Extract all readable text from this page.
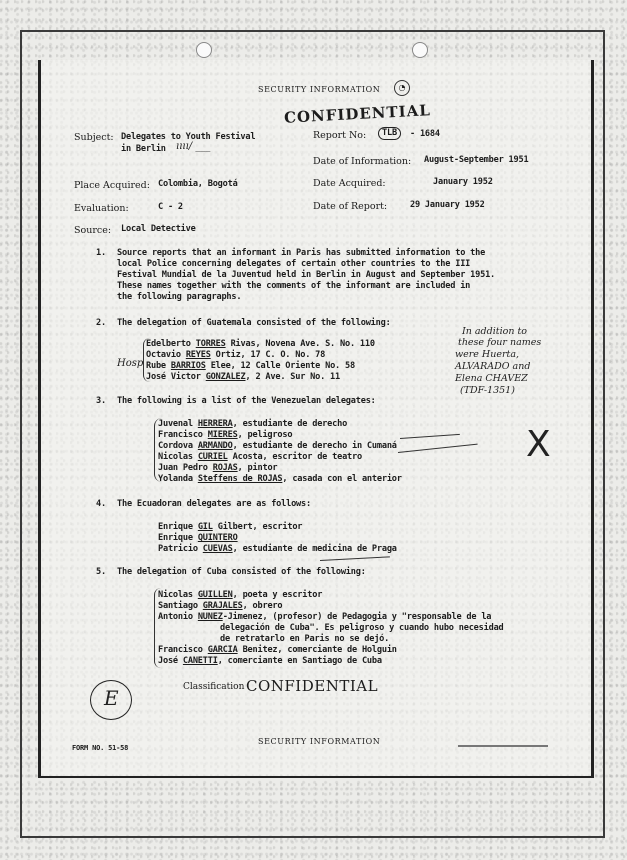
SECURITY INFORMATION	◔
CONFIDENTIAL
Subject: Delegates to Youth Festival
in Berlin ıııı/ ___
Report No:	TLB	- 1684
Date of Information: August-September 1951
Place Acquired: Colombia, Bogotá	Date Acquired:	January 1952
Evaluation:	C - 2	Date of Report:	29 January 1952
Source: Local Detective
1. Source reports that an informant in Paris has submitted information to the
local Police concerning delegates of certain other countries to the III
Festival Mundial de la Juventud held in Berlin in August and September 1951.
These names together with the comments of the informant are included in
the following paragraphs.
2. The delegation of Guatemala consisted of the following:
Hosp
Edelberto TORRES Rivas, Novena Ave. S. No. 110
Octavio REYES Ortiz, 17 C. O. No. 78
Rube BARRIOS Elee, 12 Calle Oriente No. 58
José Victor GONZALEZ, 2 Ave. Sur No. 11
In addition to
these four names
were Huerta,
ALVARADO and
Elena CHAVEZ
(TDF-1351)
3. The following is a list of the Venezuelan delegates:
Juvenal HERRERA, estudiante de derecho
Francisco MIERES, peligroso
Cordova ARMANDO, estudiante de derecho in Cumaná
Nicolas CURIEL Acosta, escritor de teatro
Juan Pedro ROJAS, pintor
Yolanda Steffens de ROJAS, casada con el anterior
X
4. The Ecuadoran delegates are as follows:
Enrique GIL Gilbert, escritor
Enrique QUINTERO
Patricio CUEVAS, estudiante de medicina de Praga
5. The delegation of Cuba consisted of the following:
Nicolas GUILLEN, poeta y escritor
Santiago GRAJALES, obrero
Antonio NUNEZ-Jimenez, (profesor) de Pedagogia y "responsable de la
delegación de Cuba". Es peligroso y cuando hubo necesidad
de retratarlo en Paris no se dejó.
Francisco GARCIA Benitez, comerciante de Holguin
José CANETTI, comerciante en Santiago de Cuba
E	Classification CONFIDENTIAL
FORM NO. 51-58
SECURITY INFORMATION
